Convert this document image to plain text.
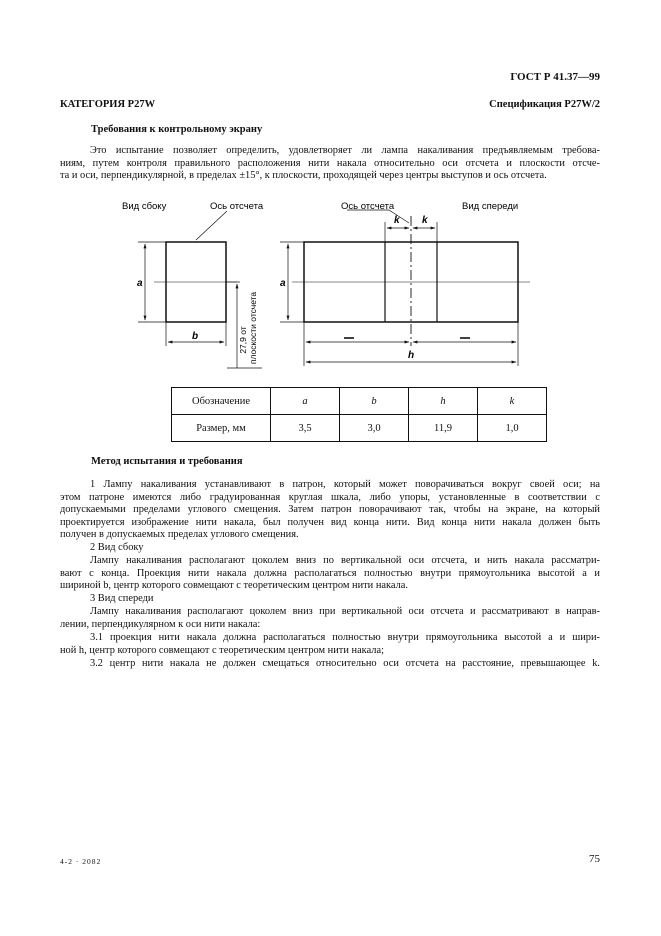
ГОСТ Р 41.37—99
КАТЕГОРИЯ P27W	Спецификация P27W/2
Требования к контрольному экрану
Это испытание позволяет определить, удовлетворяет ли лампа накаливания предъявляемым требова-
ниям, путем контроля правильного расположения нити накала относительно оси отсчета и плоскости отсче-
та и оси, перпендикулярной, в пределах ±15°, к плоскости, проходящей через центры выступов и ось отсчета.
Вид сбоку	Ось отсчета	Ось отсчета	Вид спереди
a
b	27,9 от плоскости отсчета
k k
a
h
Обозначение	a	b	h	k
Размер, мм	3,5	3,0	11,9	1,0
Метод испытания и требования
1 Лампу накаливания устанавливают в патрон, который может поворачиваться вокруг своей оси; на
этом патроне имеются либо градуированная круглая шкала, либо упоры, установленные в соответствии с
допускаемыми пределами углового смещения. Затем патрон поворачивают так, чтобы на экране, на который
проектируется изображение нити накала, был получен вид конца нити. Вид конца нити накала должен быть
получен в допускаемых пределах углового смещения.
2 Вид сбоку
Лампу накаливания располагают цоколем вниз по вертикальной оси отсчета, и нить накала рассматри-
вают с конца. Проекция нити накала должна располагаться полностью внутри прямоугольника высотой a и
шириной b, центр которого совмещают с теоретическим центром нити накала.
3 Вид спереди
Лампу накаливания располагают цоколем вниз при вертикальной оси отсчета и рассматривают в направ-
лении, перпендикулярном к оси нити накала:
3.1 проекция нити накала должна располагаться полностью внутри прямоугольника высотой a и шири-
ной h, центр которого совмещают с теоретическим центром нити накала;
3.2 центр нити накала не должен смещаться относительно оси отсчета на расстояние, превышающее k.
4-2 · 2082	75
